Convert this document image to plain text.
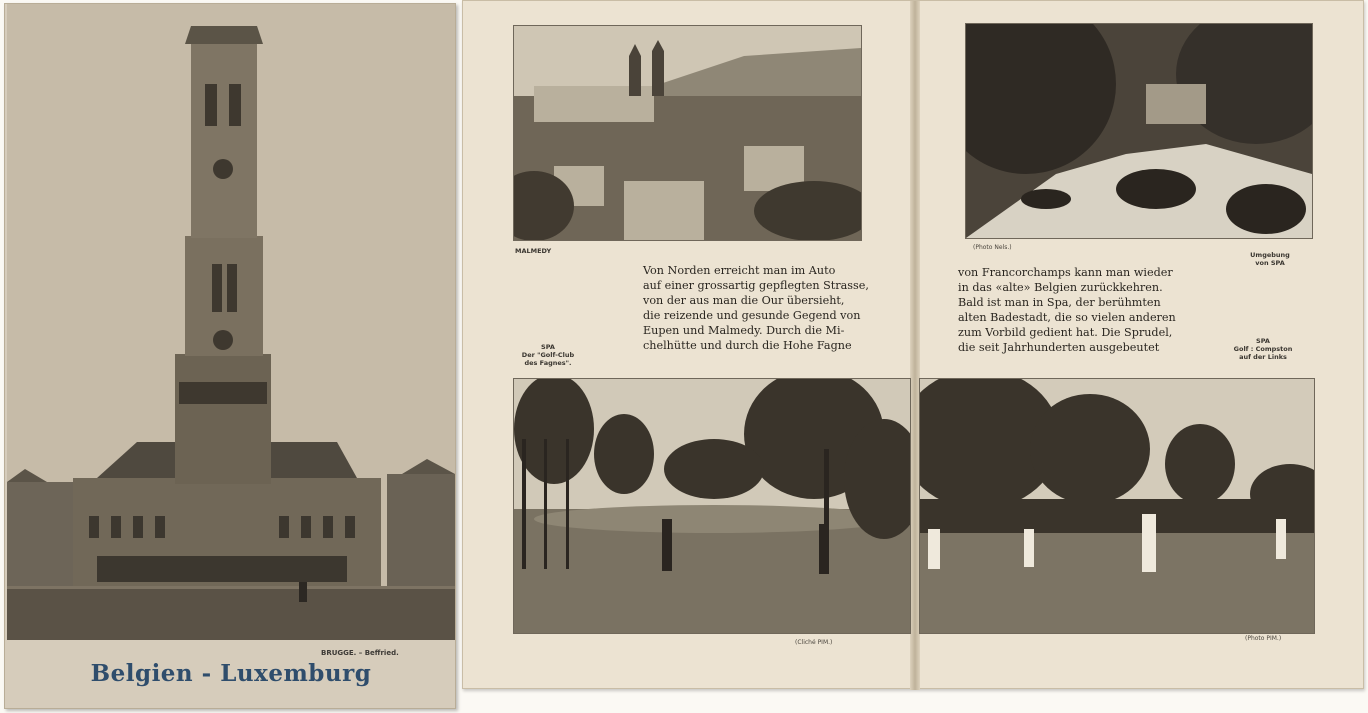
BRUGGE. – Beffried.
Belgien - Luxemburg
MALMEDY
Von Norden erreicht man im Auto
auf einer grossartig gepflegten Strasse,
von der aus man die Our übersieht,
die reizende und gesunde Gegend von
Eupen und Malmedy. Durch die Mi-
chelhütte und durch die Hohe Fagne
SPA
Der "Golf-Club
des Fagnes".
(Cliché PIM.)
(Photo Nels.)
Umgebung
von SPA
von Francorchamps kann man wieder
in das «alte» Belgien zurückkehren.
Bald ist man in Spa, der berühmten
alten Badestadt, die so vielen anderen
zum Vorbild gedient hat. Die Sprudel,
die seit Jahrhunderten ausgebeutet	SPA
Golf : Compston
auf der Links
(Photo PIM.)
